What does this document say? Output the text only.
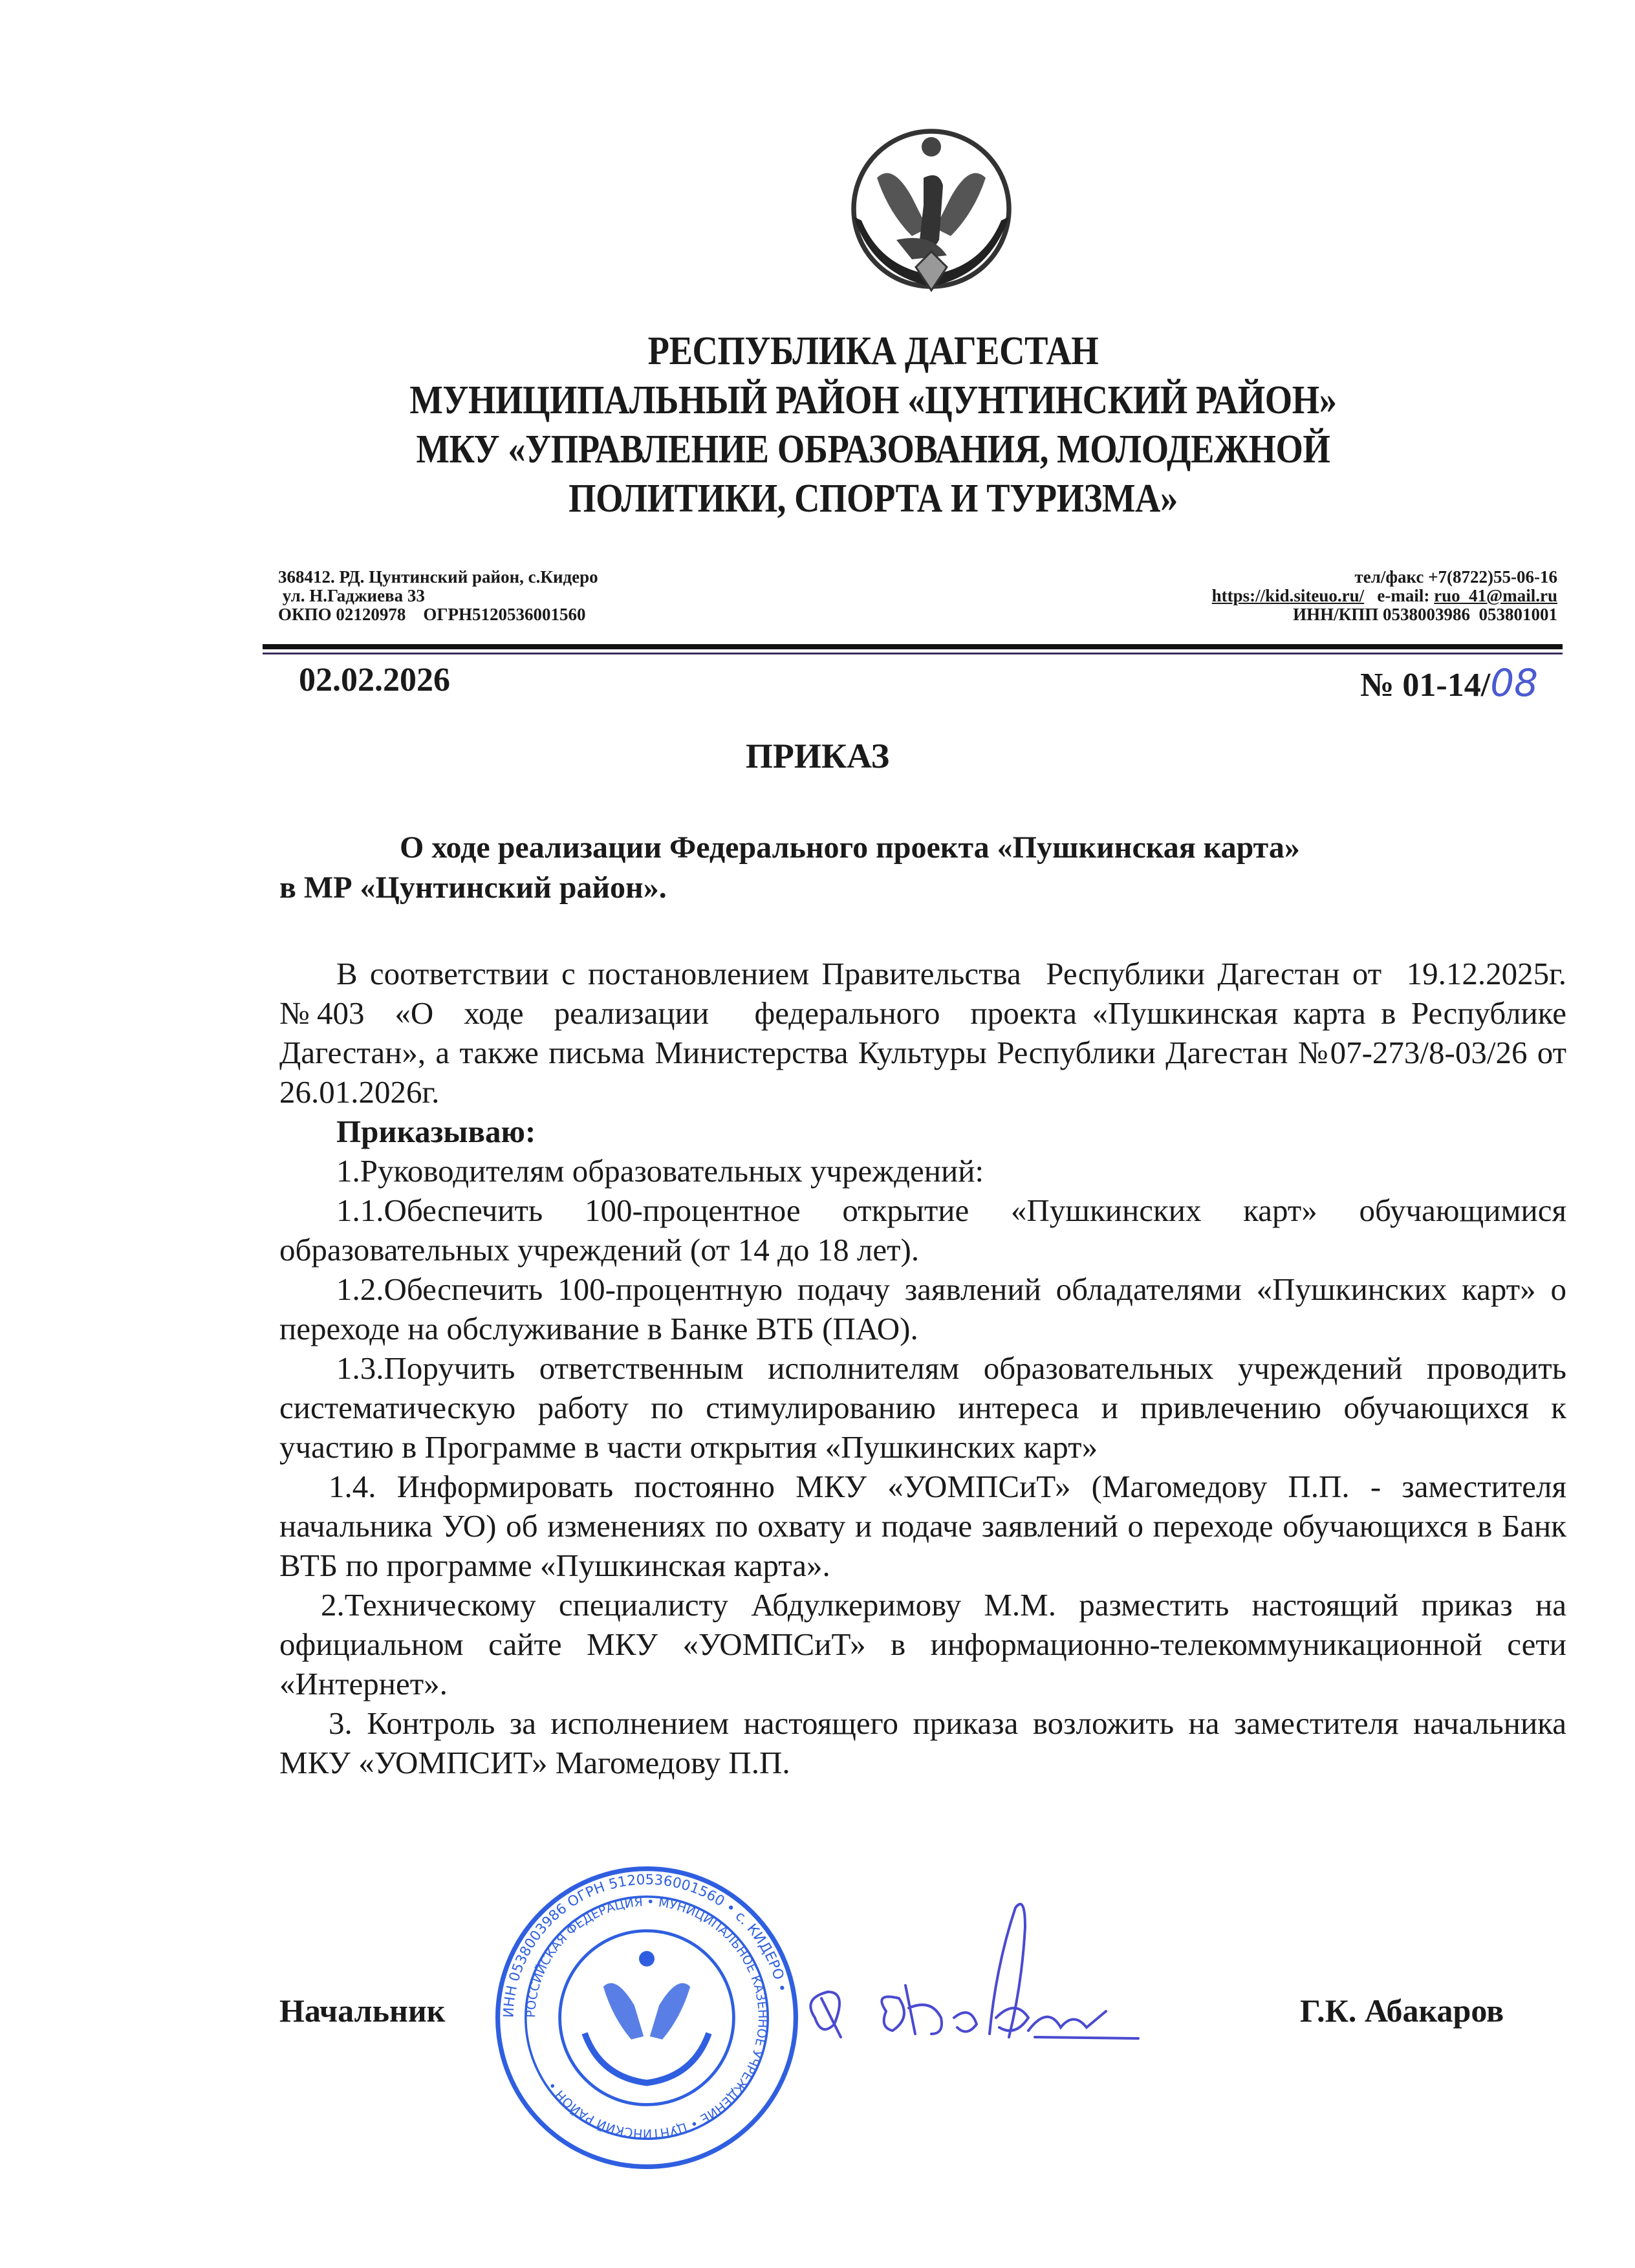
РЕСПУБЛИКА ДАГЕСТАН
МУНИЦИПАЛЬНЫЙ РАЙОН «ЦУНТИНСКИЙ РАЙОН»
МКУ «УПРАВЛЕНИЕ ОБРАЗОВАНИЯ, МОЛОДЕЖНОЙ
ПОЛИТИКИ, СПОРТА И ТУРИЗМА»
368412. РД. Цунтинский район, с.Кидеро
ул. Н.Гаджиева 33
ОКПО 02120978    ОГРН5120536001560
тел/факс +7(8722)55-06-16
https://kid.siteuo.ru/ e-mail: ruo_41@mail.ru
ИНН/КПП 0538003986  053801001
02.02.2026	№ 01-14/08
ПРИКАЗ
О ходе реализации Федерального проекта «Пушкинская карта»
в МР «Цунтинский район».

В соответствии с постановлением Правительства  Республики Дагестан от  19.12.2025г.  №403  «О  ходе  реализации   федерального  проекта «Пушкинская карта в Республике Дагестан», а также письма Министерства Культуры Республики Дагестан №07-273/8-03/26 от 26.01.2026г.

Приказываю:

1.Руководителям образовательных учреждений:

1.1.Обеспечить 100-процентное открытие «Пушкинских карт» обучающимися образовательных учреждений (от 14 до 18 лет).

1.2.Обеспечить 100-процентную подачу заявлений обладателями «Пушкинских карт» о переходе на обслуживание в Банке ВТБ (ПАО).

1.3.Поручить ответственным исполнителям образовательных учреждений проводить систематическую работу по стимулированию интереса и привлечению обучающихся к участию в Программе в части открытия «Пушкинских карт»

1.4. Информировать постоянно МКУ «УОМПСиТ» (Магомедову П.П. - заместителя начальника УО) об изменениях по охвату и подаче заявлений о переходе обучающихся в Банк ВТБ по программе «Пушкинская карта».

2.Техническому специалисту Абдулкеримову М.М. разместить настоящий приказ на официальном сайте МКУ «УОМПСиТ» в информационно-телекоммуникационной сети «Интернет».

3. Контроль за исполнением настоящего приказа возложить на заместителя начальника МКУ «УОМПСИТ» Магомедову П.П.

Начальник	Г.К. Абакаров
ИНН 0538003986 ОГРН 5120536001560 • с. КИДЕРО •
РОССИЙСКАЯ ФЕДЕРАЦИЯ • МУНИЦИПАЛЬНОЕ КАЗЕННОЕ УЧРЕЖДЕНИЕ • ЦУНТИНСКИЙ РАЙОН •
